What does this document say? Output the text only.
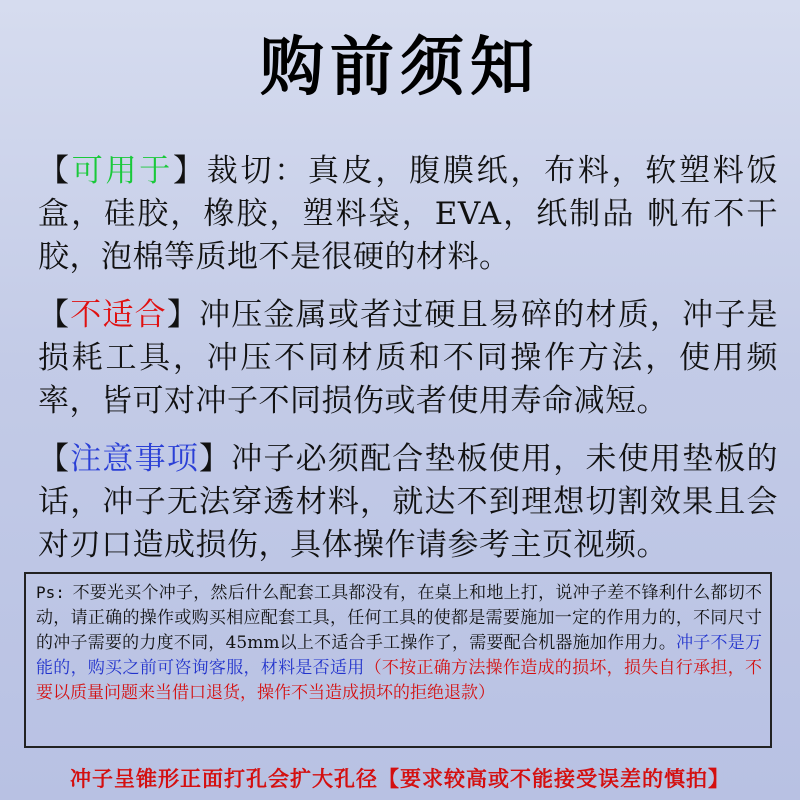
购前须知
【可用于】裁切：真皮，腹膜纸，布料，软塑料饭盒，硅胶，橡胶，塑料袋，EVA，纸制品 帆布不干胶，泡棉等质地不是很硬的材料。
【不适合】冲压金属或者过硬且易碎的材质，冲子是损耗工具，冲压不同材质和不同操作方法，使用频率，皆可对冲子不同损伤或者使用寿命减短。
【注意事项】冲子必须配合垫板使用，未使用垫板的话，冲子无法穿透材料，就达不到理想切割效果且会对刃口造成损伤，具体操作请参考主页视频。
Ps: 不要光买个冲子，然后什么配套工具都没有，在桌上和地上打，说冲子差不锋利什么都切不动，请正确的操作或购买相应配套工具，任何工具的使都是需要施加一定的作用力的，不同尺寸的冲子需要的力度不同，45mm以上不适合手工操作了，需要配合机器施加作用力。冲子不是万能的，购买之前可咨询客服，材料是否适用（不按正确方法操作造成的损坏，损失自行承担，不要以质量问题来当借口退货，操作不当造成损坏的拒绝退款）
冲子呈锥形正面打孔会扩大孔径【要求较高或不能接受误差的慎拍】
